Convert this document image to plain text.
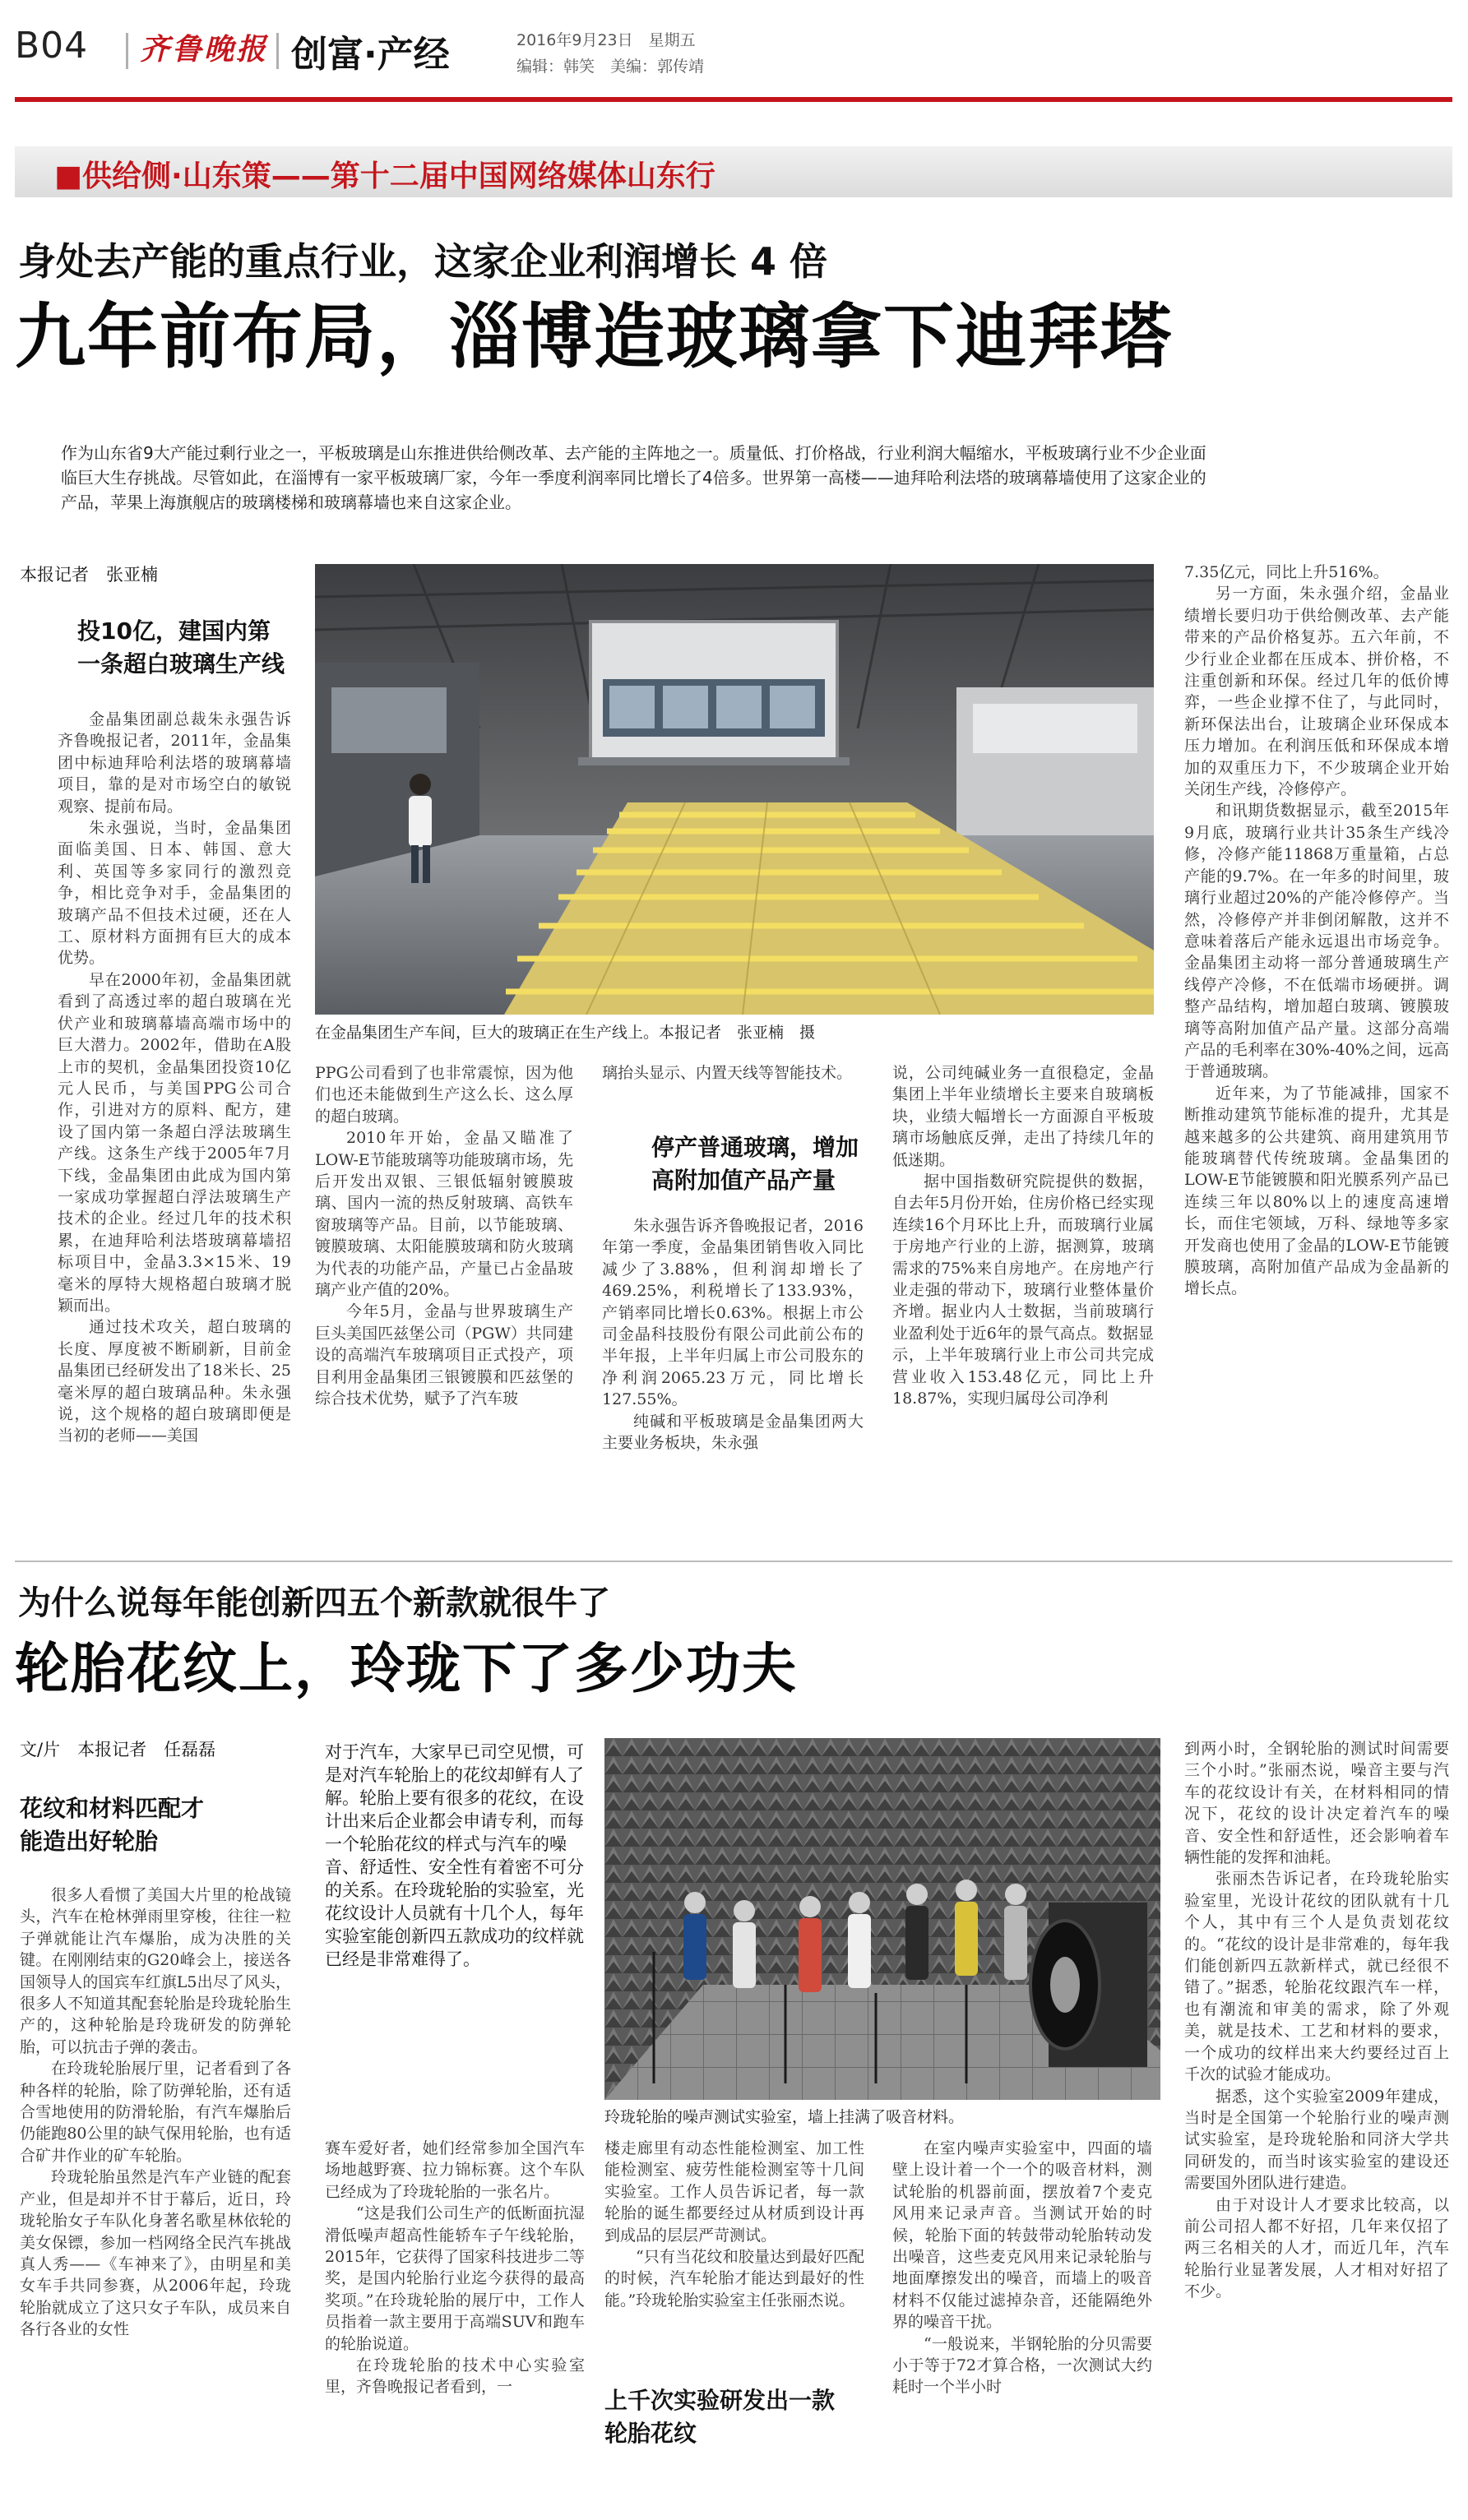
B04 齐鲁晚报 创富·产经	2016年9月23日　星期五
编辑：韩笑　美编：郭传靖
■供给侧·山东策——第十二届中国网络媒体山东行
身处去产能的重点行业，这家企业利润增长 4 倍
九年前布局，淄博造玻璃拿下迪拜塔
作为山东省9大产能过剩行业之一，平板玻璃是山东推进供给侧改革、去产能的主阵地之一。质量低、打价格战，行业利润大幅缩水，平板玻璃行业不少企业面临巨大生存挑战。尽管如此，在淄博有一家平板玻璃厂家，今年一季度利润率同比增长了4倍多。世界第一高楼——迪拜哈利法塔的玻璃幕墙使用了这家企业的产品，苹果上海旗舰店的玻璃楼梯和玻璃幕墙也来自这家企业。
本报记者　张亚楠
投10亿，建国内第一条超白玻璃生产线

金晶集团副总裁朱永强告诉齐鲁晚报记者，2011年，金晶集团中标迪拜哈利法塔的玻璃幕墙项目，靠的是对市场空白的敏锐观察、提前布局。

朱永强说，当时，金晶集团面临美国、日本、韩国、意大利、英国等多家同行的激烈竞争，相比竞争对手，金晶集团的玻璃产品不但技术过硬，还在人工、原材料方面拥有巨大的成本优势。

早在2000年初，金晶集团就看到了高透过率的超白玻璃在光伏产业和玻璃幕墙高端市场中的巨大潜力。2002年，借助在A股上市的契机，金晶集团投资10亿元人民币，与美国PPG公司合作，引进对方的原料、配方，建设了国内第一条超白浮法玻璃生产线。这条生产线于2005年7月下线，金晶集团由此成为国内第一家成功掌握超白浮法玻璃生产技术的企业。经过几年的技术积累，在迪拜哈利法塔玻璃幕墙招标项目中，金晶3.3×15米、19毫米的厚特大规格超白玻璃才脱颖而出。

通过技术攻关，超白玻璃的长度、厚度被不断刷新，目前金晶集团已经研发出了18米长、25毫米厚的超白玻璃品种。朱永强说，这个规格的超白玻璃即便是当初的老师——美国

在金晶集团生产车间，巨大的玻璃正在生产线上。本报记者　张亚楠　摄

PPG公司看到了也非常震惊，因为他们也还未能做到生产这么长、这么厚的超白玻璃。

2010年开始，金晶又瞄准了LOW-E节能玻璃等功能玻璃市场，先后开发出双银、三银低辐射镀膜玻璃、国内一流的热反射玻璃、高铁车窗玻璃等产品。目前，以节能玻璃、镀膜玻璃、太阳能膜玻璃和防火玻璃为代表的功能产品，产量已占金晶玻璃产业产值的20%。

今年5月，金晶与世界玻璃生产巨头美国匹兹堡公司（PGW）共同建设的高端汽车玻璃项目正式投产，项目利用金晶集团三银镀膜和匹兹堡的综合技术优势，赋予了汽车玻

璃抬头显示、内置天线等智能技术。

停产普通玻璃，增加高附加值产品产量

朱永强告诉齐鲁晚报记者，2016年第一季度，金晶集团销售收入同比减少了3.88%，但利润却增长了469.25%，利税增长了133.93%，产销率同比增长0.63%。根据上市公司金晶科技股份有限公司此前公布的半年报，上半年归属上市公司股东的净利润2065.23万元，同比增长127.55%。

纯碱和平板玻璃是金晶集团两大主要业务板块，朱永强

说，公司纯碱业务一直很稳定，金晶集团上半年业绩增长主要来自玻璃板块，业绩大幅增长一方面源自平板玻璃市场触底反弹，走出了持续几年的低迷期。

据中国指数研究院提供的数据，自去年5月份开始，住房价格已经实现连续16个月环比上升，而玻璃行业属于房地产行业的上游，据测算，玻璃需求的75%来自房地产。在房地产行业走强的带动下，玻璃行业整体量价齐增。据业内人士数据，当前玻璃行业盈利处于近6年的景气高点。数据显示，上半年玻璃行业上市公司共完成营业收入153.48亿元，同比上升18.87%，实现归属母公司净利

7.35亿元，同比上升516%。

另一方面，朱永强介绍，金晶业绩增长要归功于供给侧改革、去产能带来的产品价格复苏。五六年前，不少行业企业都在压成本、拼价格，不注重创新和环保。经过几年的低价博弈，一些企业撑不住了，与此同时，新环保法出台，让玻璃企业环保成本压力增加。在利润压低和环保成本增加的双重压力下，不少玻璃企业开始关闭生产线，冷修停产。

和讯期货数据显示，截至2015年9月底，玻璃行业共计35条生产线冷修，冷修产能11868万重量箱，占总产能的9.7%。在一年多的时间里，玻璃行业超过20%的产能冷修停产。当然，冷修停产并非倒闭解散，这并不意味着落后产能永远退出市场竞争。金晶集团主动将一部分普通玻璃生产线停产冷修，不在低端市场硬拼。调整产品结构，增加超白玻璃、镀膜玻璃等高附加值产品产量。这部分高端产品的毛利率在30%-40%之间，远高于普通玻璃。

近年来，为了节能减排，国家不断推动建筑节能标准的提升，尤其是越来越多的公共建筑、商用建筑用节能玻璃替代传统玻璃。金晶集团的LOW-E节能镀膜和阳光膜系列产品已连续三年以80%以上的速度高速增长，而住宅领域，万科、绿地等多家开发商也使用了金晶的LOW-E节能镀膜玻璃，高附加值产品成为金晶新的增长点。

为什么说每年能创新四五个新款就很牛了
轮胎花纹上，玲珑下了多少功夫
文/片　本报记者　任磊磊
花纹和材料匹配才能造出好轮胎

很多人看惯了美国大片里的枪战镜头，汽车在枪林弹雨里穿梭，往往一粒子弹就能让汽车爆胎，成为决胜的关键。在刚刚结束的G20峰会上，接送各国领导人的国宾车红旗L5出尽了风头，很多人不知道其配套轮胎是玲珑轮胎生产的，这种轮胎是玲珑研发的防弹轮胎，可以抗击子弹的袭击。

在玲珑轮胎展厅里，记者看到了各种各样的轮胎，除了防弹轮胎，还有适合雪地使用的防滑轮胎，有汽车爆胎后仍能跑80公里的缺气保用轮胎，也有适合矿井作业的矿车轮胎。

玲珑轮胎虽然是汽车产业链的配套产业，但是却并不甘于幕后，近日，玲珑轮胎女子车队化身著名歌星林依轮的美女保镖，参加一档网络全民汽车挑战真人秀——《车神来了》，由明星和美女车手共同参赛，从2006年起，玲珑轮胎就成立了这只女子车队，成员来自各行各业的女性

对于汽车，大家早已司空见惯，可是对汽车轮胎上的花纹却鲜有人了解。轮胎上要有很多的花纹，在设计出来后企业都会申请专利，而每一个轮胎花纹的样式与汽车的噪音、舒适性、安全性有着密不可分的关系。在玲珑轮胎的实验室，光花纹设计人员就有十几个人，每年实验室能创新四五款成功的纹样就已经是非常难得了。
玲珑轮胎的噪声测试实验室，墙上挂满了吸音材料。

赛车爱好者，她们经常参加全国汽车场地越野赛、拉力锦标赛。这个车队已经成为了玲珑轮胎的一张名片。

“这是我们公司生产的低断面抗湿滑低噪声超高性能轿车子午线轮胎，2015年，它获得了国家科技进步二等奖，是国内轮胎行业迄今获得的最高奖项。”在玲珑轮胎的展厅中，工作人员指着一款主要用于高端SUV和跑车的轮胎说道。

在玲珑轮胎的技术中心实验室里，齐鲁晚报记者看到，一

楼走廊里有动态性能检测室、加工性能检测室、疲劳性能检测室等十几间实验室。工作人员告诉记者，每一款轮胎的诞生都要经过从材质到设计再到成品的层层严苛测试。

“只有当花纹和胶量达到最好匹配的时候，汽车轮胎才能达到最好的性能。”玲珑轮胎实验室主任张丽杰说。

上千次实验研发出一款轮胎花纹

在室内噪声实验室中，四面的墙壁上设计着一个一个的吸音材料，测试轮胎的机器前面，摆放着7个麦克风用来记录声音。当测试开始的时候，轮胎下面的转鼓带动轮胎转动发出噪音，这些麦克风用来记录轮胎与地面摩擦发出的噪音，而墙上的吸音材料不仅能过滤掉杂音，还能隔绝外界的噪音干扰。

“一般说来，半钢轮胎的分贝需要小于等于72才算合格，一次测试大约耗时一个半小时

到两小时，全钢轮胎的测试时间需要三个小时。”张丽杰说，噪音主要与汽车的花纹设计有关，在材料相同的情况下，花纹的设计决定着汽车的噪音、安全性和舒适性，还会影响着车辆性能的发挥和油耗。

张丽杰告诉记者，在玲珑轮胎实验室里，光设计花纹的团队就有十几个人，其中有三个人是负责划花纹的。“花纹的设计是非常难的，每年我们能创新四五款新样式，就已经很不错了。”据悉，轮胎花纹跟汽车一样，也有潮流和审美的需求，除了外观美，就是技术、工艺和材料的要求，一个成功的纹样出来大约要经过百上千次的试验才能成功。

据悉，这个实验室2009年建成，当时是全国第一个轮胎行业的噪声测试实验室，是玲珑轮胎和同济大学共同研发的，而当时该实验室的建设还需要国外团队进行建造。

由于对设计人才要求比较高，以前公司招人都不好招，几年来仅招了两三名相关的人才，而近几年，汽车轮胎行业显著发展，人才相对好招了不少。
